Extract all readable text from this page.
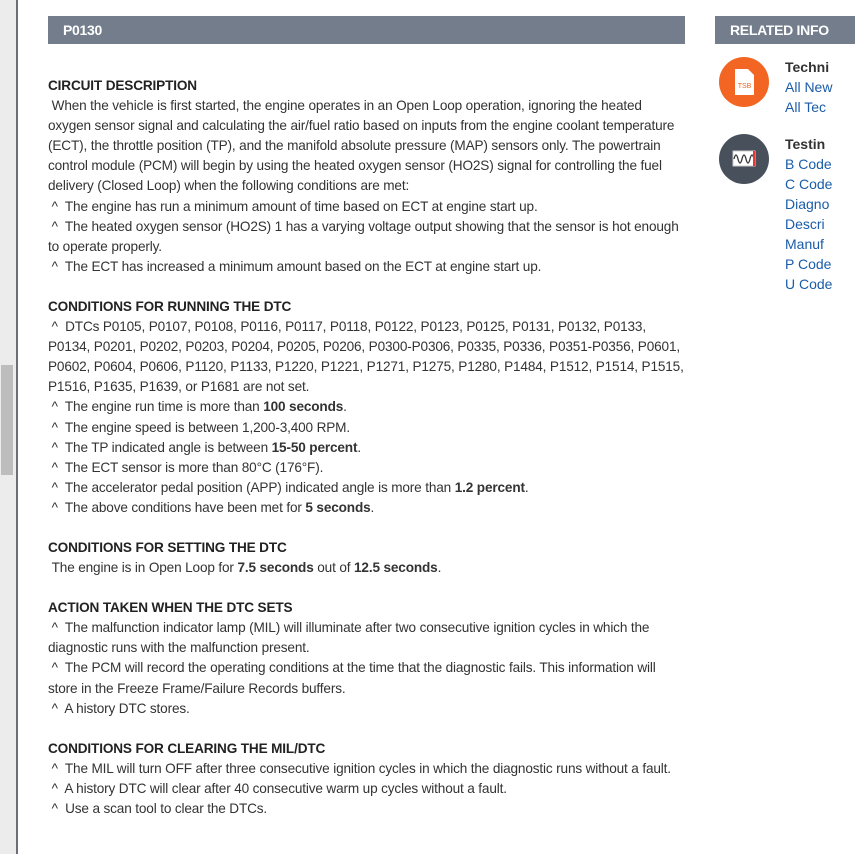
P0130
CIRCUIT DESCRIPTION
When the vehicle is first started, the engine operates in an Open Loop operation, ignoring the heated oxygen sensor signal and calculating the air/fuel ratio based on inputs from the engine coolant temperature (ECT), the throttle position (TP), and the manifold absolute pressure (MAP) sensors only. The powertrain control module (PCM) will begin by using the heated oxygen sensor (HO2S) signal for controlling the fuel delivery (Closed Loop) when the following conditions are met:
^  The engine has run a minimum amount of time based on ECT at engine start up.
^  The heated oxygen sensor (HO2S) 1 has a varying voltage output showing that the sensor is hot enough to operate properly.
^  The ECT has increased a minimum amount based on the ECT at engine start up.
CONDITIONS FOR RUNNING THE DTC
^  DTCs P0105, P0107, P0108, P0116, P0117, P0118, P0122, P0123, P0125, P0131, P0132, P0133, P0134, P0201, P0202, P0203, P0204, P0205, P0206, P0300-P0306, P0335, P0336, P0351-P0356, P0601, P0602, P0604, P0606, P1120, P1133, P1220, P1221, P1271, P1275, P1280, P1484, P1512, P1514, P1515, P1516, P1635, P1639, or P1681 are not set.
^  The engine run time is more than 100 seconds.
^  The engine speed is between 1,200-3,400 RPM.
^  The TP indicated angle is between 15-50 percent.
^  The ECT sensor is more than 80°C (176°F).
^  The accelerator pedal position (APP) indicated angle is more than 1.2 percent.
^  The above conditions have been met for 5 seconds.
CONDITIONS FOR SETTING THE DTC
The engine is in Open Loop for 7.5 seconds out of 12.5 seconds.
ACTION TAKEN WHEN THE DTC SETS
^  The malfunction indicator lamp (MIL) will illuminate after two consecutive ignition cycles in which the diagnostic runs with the malfunction present.
^  The PCM will record the operating conditions at the time that the diagnostic fails. This information will store in the Freeze Frame/Failure Records buffers.
^  A history DTC stores.
CONDITIONS FOR CLEARING THE MIL/DTC
^  The MIL will turn OFF after three consecutive ignition cycles in which the diagnostic runs without a fault.
^  A history DTC will clear after 40 consecutive warm up cycles without a fault.
^  Use a scan tool to clear the DTCs.
RELATED INFO
TSB
Techni
All New
All Tec
Testin
B Code
C Code
Diagno
Descri
Manuf
P Code
U Code
